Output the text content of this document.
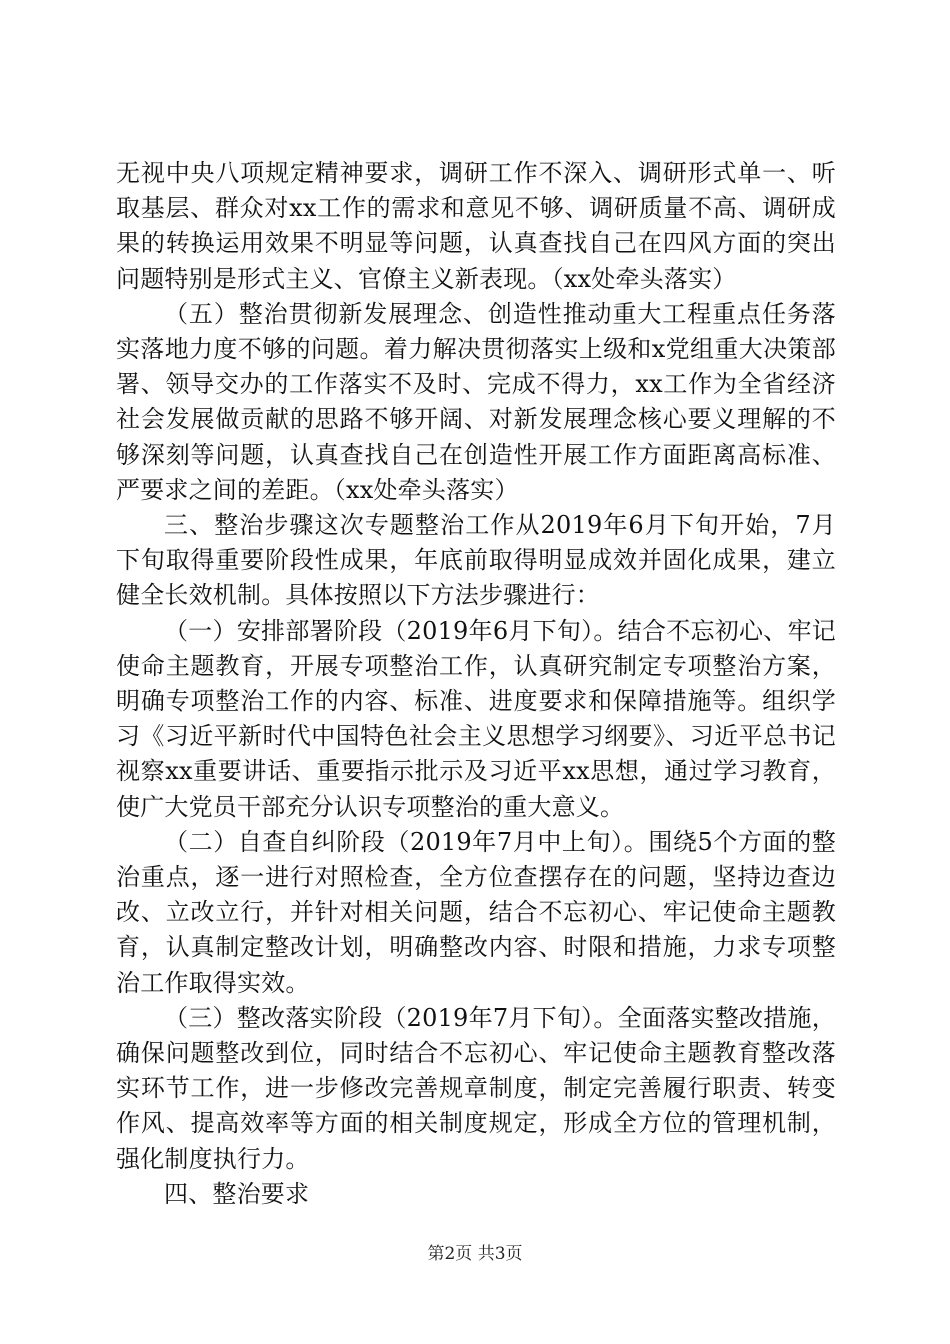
无视中央八项规定精神要求，调研工作不深入、调研形式单一、听取基层、群众对xx工作的需求和意见不够、调研质量不高、调研成果的转换运用效果不明显等问题，认真查找自己在四风方面的突出问题特别是形式主义、官僚主义新表现。（xx处牵头落实）

（五）整治贯彻新发展理念、创造性推动重大工程重点任务落实落地力度不够的问题。着力解决贯彻落实上级和x党组重大决策部署、领导交办的工作落实不及时、完成不得力，xx工作为全省经济社会发展做贡献的思路不够开阔、对新发展理念核心要义理解的不够深刻等问题，认真查找自己在创造性开展工作方面距离高标准、严要求之间的差距。（xx处牵头落实）

三、整治步骤这次专题整治工作从2019年6月下旬开始，7月下旬取得重要阶段性成果，年底前取得明显成效并固化成果，建立健全长效机制。具体按照以下方法步骤进行：

（一）安排部署阶段（2019年6月下旬）。结合不忘初心、牢记使命主题教育，开展专项整治工作，认真研究制定专项整治方案，明确专项整治工作的内容、标准、进度要求和保障措施等。组织学习《习近平新时代中国特色社会主义思想学习纲要》、习近平总书记视察xx重要讲话、重要指示批示及习近平xx思想，通过学习教育，使广大党员干部充分认识专项整治的重大意义。

（二）自查自纠阶段（2019年7月中上旬）。围绕5个方面的整治重点，逐一进行对照检查，全方位查摆存在的问题，坚持边查边改、立改立行，并针对相关问题，结合不忘初心、牢记使命主题教育，认真制定整改计划，明确整改内容、时限和措施，力求专项整治工作取得实效。

（三）整改落实阶段（2019年7月下旬）。全面落实整改措施，确保问题整改到位，同时结合不忘初心、牢记使命主题教育整改落实环节工作，进一步修改完善规章制度，制定完善履行职责、转变作风、提高效率等方面的相关制度规定，形成全方位的管理机制，强化制度执行力。

四、整治要求

第2页 共3页
